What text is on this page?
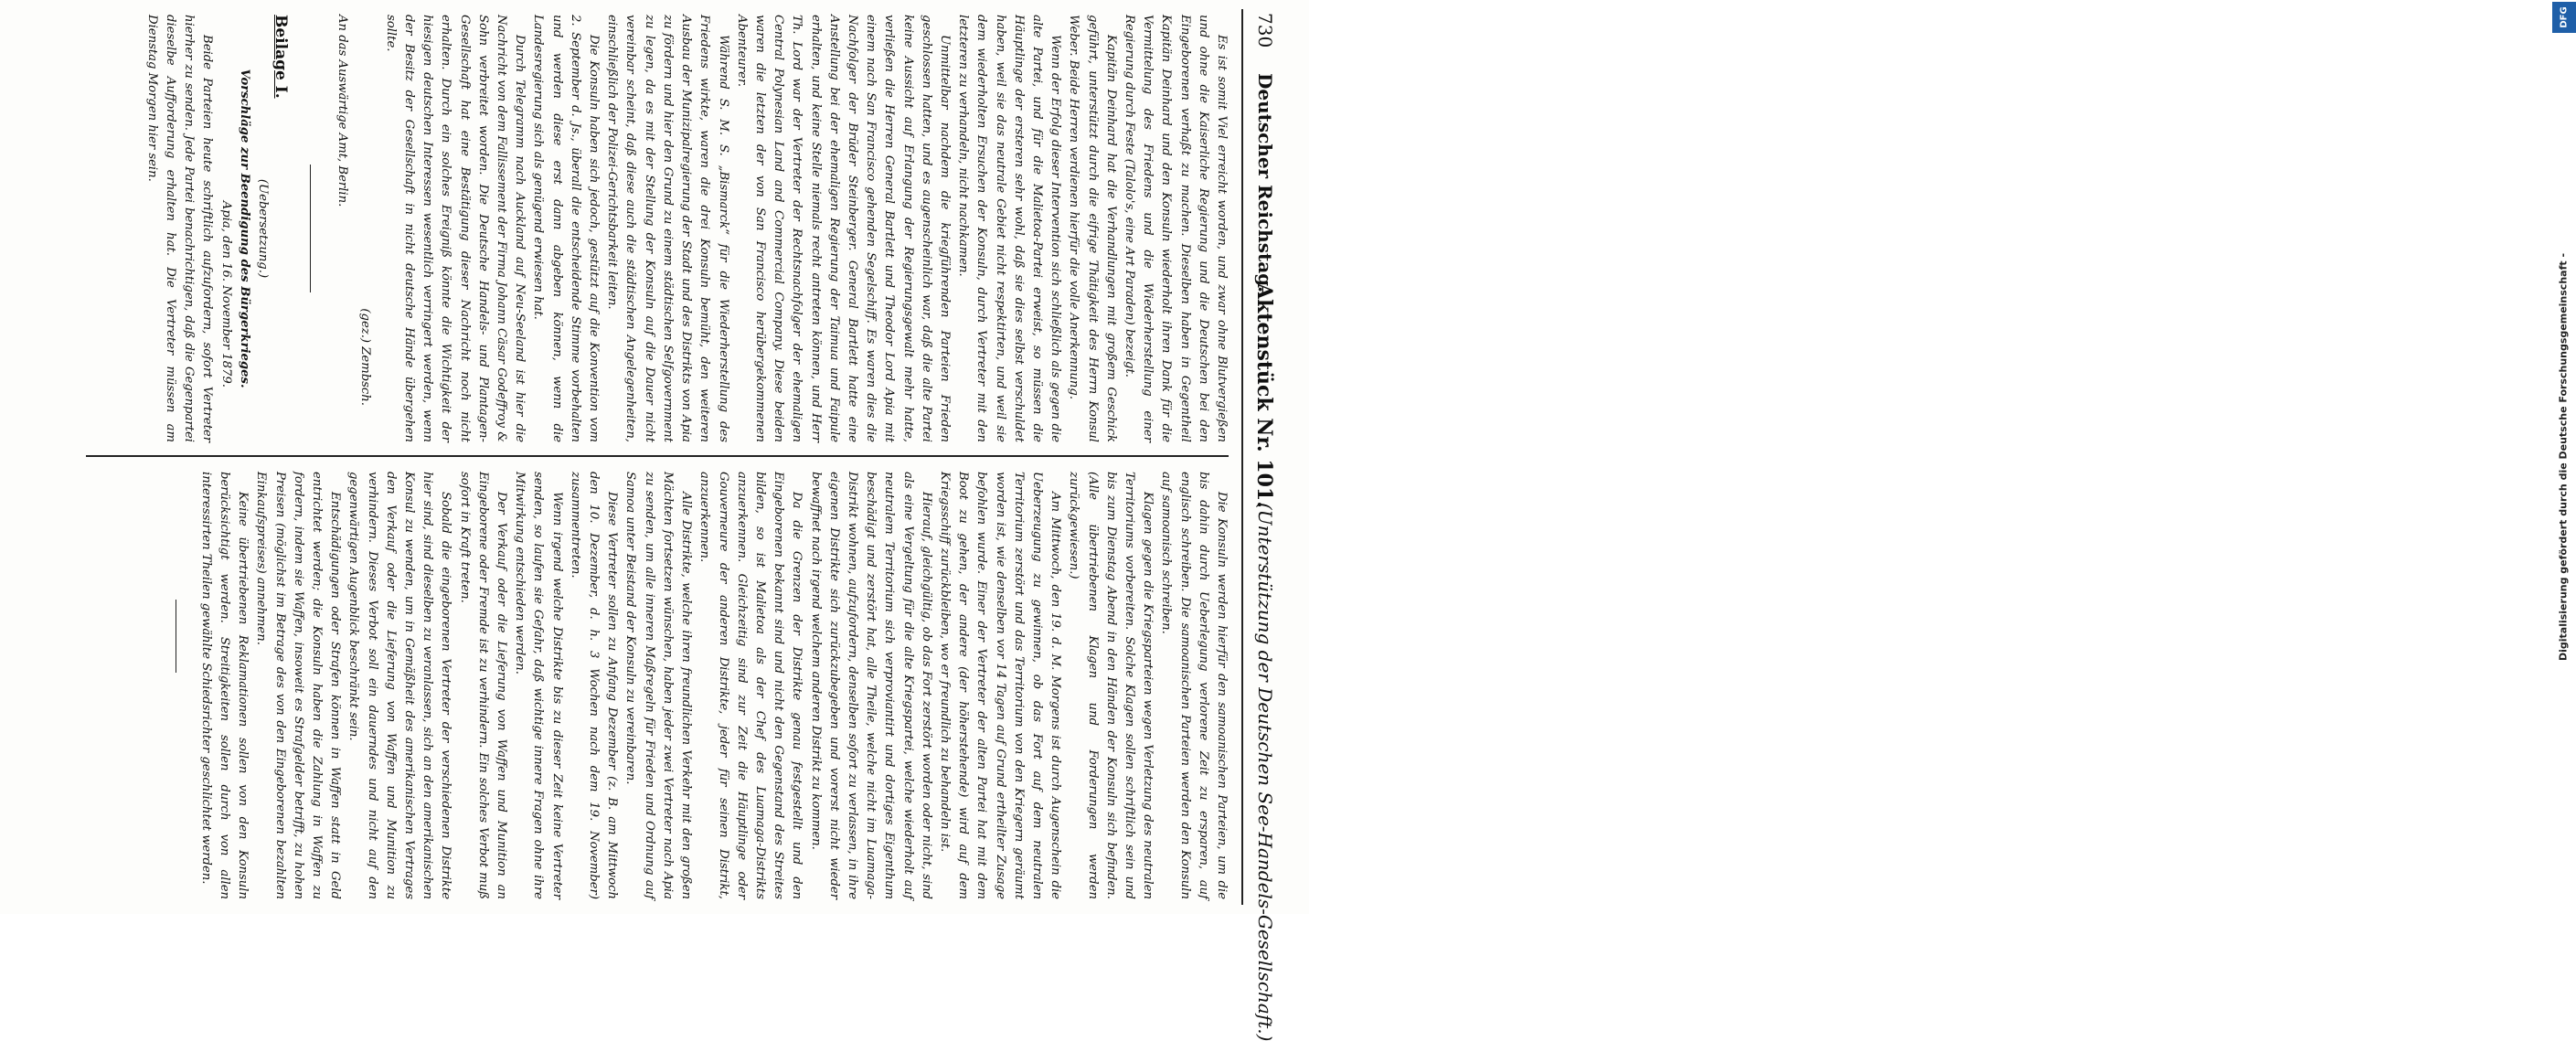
730
Deutscher Reichstag.
Aktenstück Nr. 101.
(Unterstützung der Deutschen See-Handels-Gesellschaft.)

Es ist somit Viel erreicht worden, und zwar ohne Blutvergießen und ohne die Kaiserliche Regierung und die Deutschen bei den Eingeborenen verhaßt zu machen. Dieselben haben in Gegentheil Kapitän Deinhard und den Konsuln wiederholt ihren Dank für die Vermittelung des Friedens und die Wiederherstellung einer Regierung durch Feste (Talolo's, eine Art Paraden) bezeigt.

Kapitän Deinhard hat die Verhandlungen mit großem Geschick geführt, unterstützt durch die eifrige Thätigkeit des Herrn Konsul Weber. Beide Herren verdienen hierfür die volle Anerkennung.

Wenn der Erfolg dieser Intervention sich schließlich als gegen die alte Partei, und für die Malietoa-Partei erweist, so müssen die Häuptlinge der ersteren sehr wohl, daß sie dies selbst verschuldet haben, weil sie das neutrale Gebiet nicht respektirten, und weil sie dem wiederholten Ersuchen der Konsuln, durch Vertreter mit den letzteren zu verhandeln, nicht nachkamen.

Unmittelbar nachdem die kriegführenden Parteien Frieden geschlossen hatten, und es augenscheinlich war, daß die alte Partei keine Aussicht auf Erlangung der Regierungsgewalt mehr hatte, verließen die Herren General Bartlett und Theodor Lord Apia mit einem nach San Francisco gehenden Segelschiff. Es waren dies die Nachfolger der Brüder Steinberger. General Bartlett hatte eine Anstellung bei der ehemaligen Regierung der Taimua und Faipule erhalten, und keine Stelle niemals recht antreten können, und Herr Th. Lord war der Vertreter der Rechtsnachfolger der ehemaligen Central Polynesian Land and Commercial Company. Diese beiden waren die letzten der von San Francisco herübergekommenen Abenteurer.

Während S. M. S. „Bismarck“ für die Wiederherstellung des Friedens wirkte, waren die drei Konsuln bemüht, den weiteren Ausbau der Munizipalregierung der Stadt und des Distrikts von Apia zu fördern und hier den Grund zu einem städtischen Selfgovernment zu legen, da es mit der Stellung der Konsuln auf die Dauer nicht vereinbar scheint, daß diese auch die städtischen Angelegenheiten, einschließlich der Polizei-Gerichtsbarkeit leiten.

Die Konsuln haben sich jedoch, gestützt auf die Konvention vom 2. September d. Js., überall die entscheidende Stimme vorbehalten und werden diese erst dann abgeben können, wenn die Landesregierung sich als genügend erwiesen hat.

Durch Telegramm nach Auckland auf Neu-Seeland ist hier die Nachricht von dem Fallissement der Firma Johann Cäsar Godeffroy & Sohn verbreitet worden. Die Deutsche Handels- und Plantagen-Gesellschaft hat eine Bestätigung dieser Nachricht noch nicht erhalten. Durch ein solches Ereigniß könnte die Wichtigkeit der hiesigen deutschen Interessen wesentlich verringert werden, wenn der Besitz der Gesellschaft in nicht deutsche Hände übergehen sollte.

(gez.) Zembsch.

An das Auswärtige Amt, Berlin.

Beilage I.

(Uebersetzung.)

Vorschläge zur Beendigung des Bürgerkrieges.

Apia, den 16. November 1879.

Beide Parteien heute schriftlich aufzufordern, sofort Vertreter hierher zu senden. Jede Partei benachrichtigen, daß die Gegenpartei dieselbe Aufforderung erhalten hat. Die Vertreter müssen am Dienstag Morgen hier sein.

Die Konsuln werden hierfür den samoanischen Parteien, um die bis dahin durch Ueberlegung verlorene Zeit zu ersparen, auf englisch schreiben. Die samoanischen Parteien werden den Konsuln auf samoanisch schreiben.

Klagen gegen die Kriegsparteien wegen Verletzung des neutralen Territoriums vorbereiten. Solche Klagen sollen schriftlich sein und bis zum Dienstag Abend in den Händen der Konsuln sich befinden. (Alle übertriebenen Klagen und Forderungen werden zurückgewiesen.)

Am Mittwoch, den 19. d. M. Morgens ist durch Augenschein die Ueberzeugung zu gewinnen, ob das Fort auf dem neutralen Territorium zerstört und das Territorium von den Kriegern geräumt worden ist, wie denselben vor 14 Tagen auf Grund ertheilter Zusage befohlen wurde. Einer der Vertreter der alten Partei hat mit dem Boot zu gehen, der andere (der höherstehende) wird auf dem Kriegsschiff zurückbleiben, wo er freundlich zu behandeln ist.

Hierauf, gleichgültig, ob das Fort zerstört worden oder nicht, sind als eine Vergeltung für die alte Kriegspartei, welche wiederholt auf neutralem Territorium sich verproviantirt und dortiges Eigenthum beschädigt und zerstört hat, alle Theile, welche nicht im Luamaga-Distrikt wohnen, aufzufordern, denselben sofort zu verlassen, in ihre eigenen Distrikte sich zurückzubegeben und vorerst nicht wieder bewaffnet nach irgend welchem anderen Distrikt zu kommen.

Da die Grenzen der Distrikte genau festgestellt und den Eingeborenen bekannt sind und nicht den Gegenstand des Streites bilden, so ist Malietoa als der Chef des Luamaga-Distrikts anzuerkennen. Gleichzeitig sind zur Zeit die Häuptlinge oder Gouverneure der anderen Distrikte, jeder für seinen Distrikt, anzuerkennen.

Alle Distrikte, welche ihren freundlichen Verkehr mit den großen Mächten fortsetzen wünschen, haben jeder zwei Vertreter nach Apia zu senden, um alle inneren Maßregeln für Frieden und Ordnung auf Samoa unter Beistand der Konsuln zu vereinbaren.

Diese Vertreter sollen zu Anfang Dezember (z. B. am Mittwoch den 10. Dezember, d. h. 3 Wochen nach dem 19. November) zusammentreten.

Wenn irgend welche Distrikte bis zu dieser Zeit keine Vertreter senden, so laufen sie Gefahr, daß wichtige innere Fragen ohne ihre Mitwirkung entschieden werden.

Der Verkauf oder die Lieferung von Waffen und Munition an Eingeborene oder Fremde ist zu verhindern. Ein solches Verbot muß sofort in Kraft treten.

Sobald die eingeborenen Vertreter der verschiedenen Distrikte hier sind, sind dieselben zu veranlassen, sich an den amerikanischen Konsul zu wenden, um in Gemäßheit des amerikanischen Vertrages den Verkauf oder die Lieferung von Waffen und Munition zu verhindern. Dieses Verbot soll ein dauerndes und nicht auf den gegenwärtigen Augenblick beschränkt sein.

Entschädigungen oder Strafen können in Waffen statt in Geld entrichtet werden; die Konsuln haben die Zahlung in Waffen zu fordern, indem sie Waffen, insoweit es Strafgelder betrifft, zu hohen Preisen (möglichst im Betrage des von den Eingeborenen bezahlten Einkaufspreises) annehmen.

Keine übertriebenen Reklamationen sollen von den Konsuln berücksichtigt werden. Streitigkeiten sollen durch von allen interessirten Theilen gewählte Schiedsrichter geschlichtet werden.

DFG
Digitalisierung gefördert durch die Deutsche Forschungsgemeinschaft -
